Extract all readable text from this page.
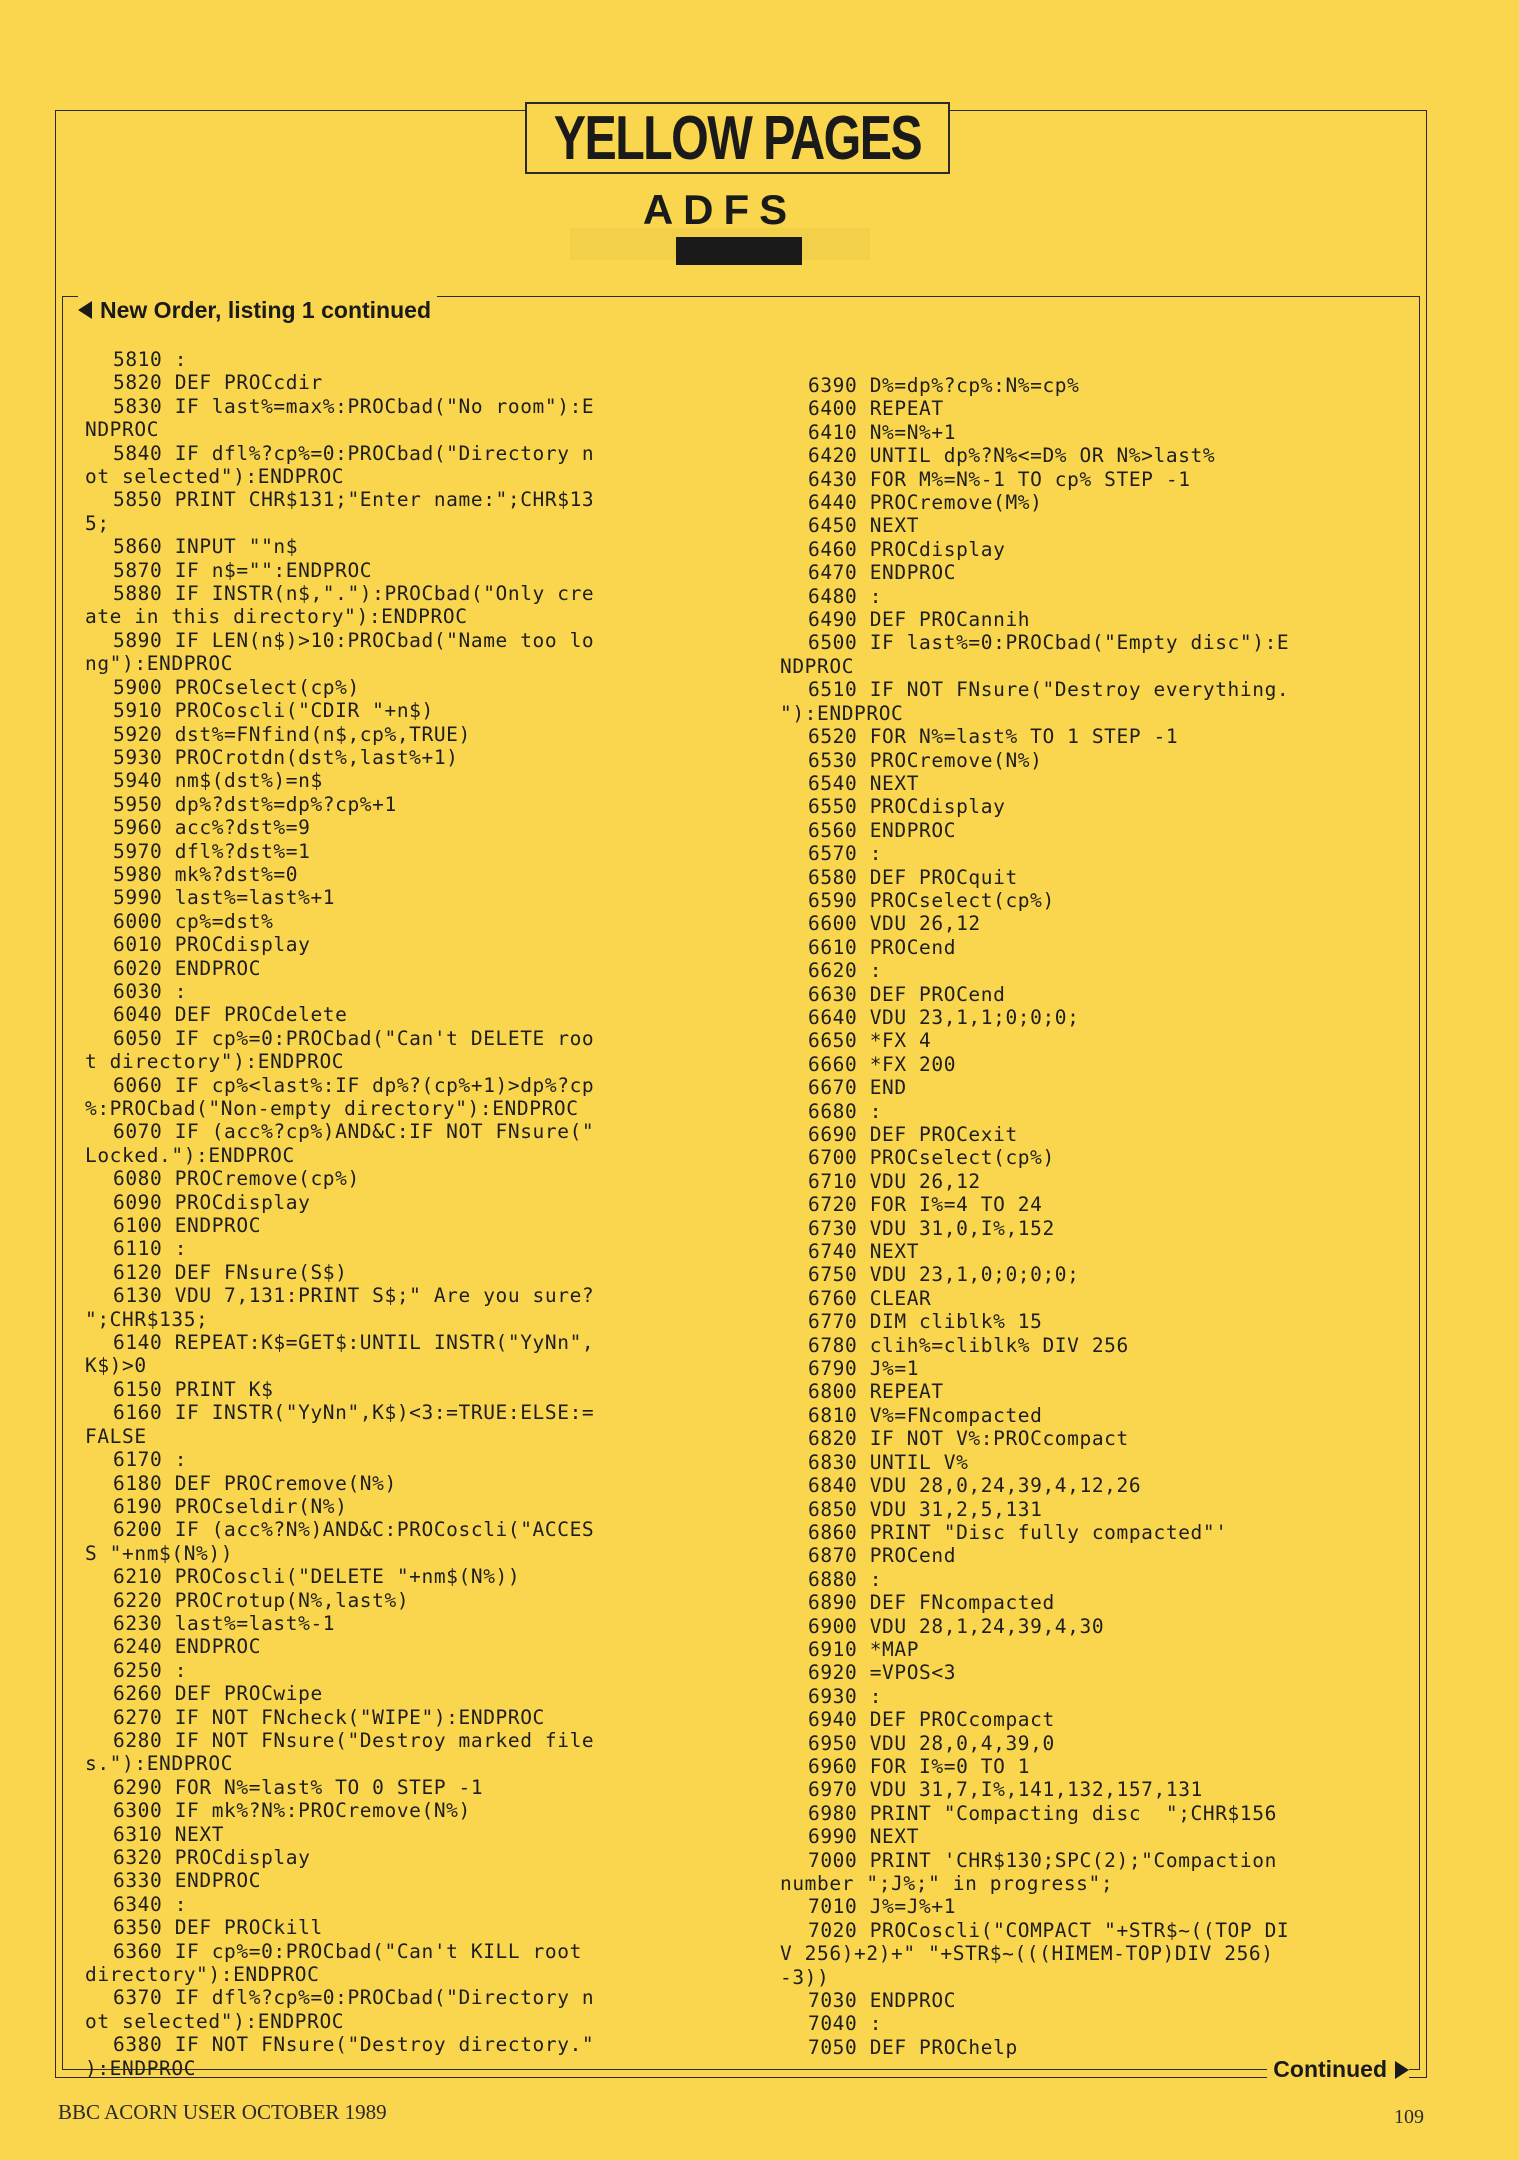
YELLOW PAGES
ADFS
New Order, listing 1 continued
5810 :
5820 DEF PROCcdir
5830 IF last%=max%:PROCbad("No room"):E
NDPROC
5840 IF dfl%?cp%=0:PROCbad("Directory n
ot selected"):ENDPROC
5850 PRINT CHR$131;"Enter name:";CHR$13
5;
5860 INPUT ""n$
5870 IF n$="":ENDPROC
5880 IF INSTR(n$,"."):PROCbad("Only cre
ate in this directory"):ENDPROC
5890 IF LEN(n$)>10:PROCbad("Name too lo
ng"):ENDPROC
5900 PROCselect(cp%)
5910 PROCoscli("CDIR "+n$)
5920 dst%=FNfind(n$,cp%,TRUE)
5930 PROCrotdn(dst%,last%+1)
5940 nm$(dst%)=n$
5950 dp%?dst%=dp%?cp%+1
5960 acc%?dst%=9
5970 dfl%?dst%=1
5980 mk%?dst%=0
5990 last%=last%+1
6000 cp%=dst%
6010 PROCdisplay
6020 ENDPROC
6030 :
6040 DEF PROCdelete
6050 IF cp%=0:PROCbad("Can't DELETE roo
t directory"):ENDPROC
6060 IF cp%<last%:IF dp%?(cp%+1)>dp%?cp
%:PROCbad("Non-empty directory"):ENDPROC
6070 IF (acc%?cp%)AND&C:IF NOT FNsure("
Locked."):ENDPROC
6080 PROCremove(cp%)
6090 PROCdisplay
6100 ENDPROC
6110 :
6120 DEF FNsure(S$)
6130 VDU 7,131:PRINT S$;" Are you sure?
";CHR$135;
6140 REPEAT:K$=GET$:UNTIL INSTR("YyNn",
K$)>0
6150 PRINT K$
6160 IF INSTR("YyNn",K$)<3:=TRUE:ELSE:=
FALSE
6170 :
6180 DEF PROCremove(N%)
6190 PROCseldir(N%)
6200 IF (acc%?N%)AND&C:PROCoscli("ACCES
S "+nm$(N%))
6210 PROCoscli("DELETE "+nm$(N%))
6220 PROCrotup(N%,last%)
6230 last%=last%-1
6240 ENDPROC
6250 :
6260 DEF PROCwipe
6270 IF NOT FNcheck("WIPE"):ENDPROC
6280 IF NOT FNsure("Destroy marked file
s."):ENDPROC
6290 FOR N%=last% TO 0 STEP -1
6300 IF mk%?N%:PROCremove(N%)
6310 NEXT
6320 PROCdisplay
6330 ENDPROC
6340 :
6350 DEF PROCkill
6360 IF cp%=0:PROCbad("Can't KILL root
directory"):ENDPROC
6370 IF dfl%?cp%=0:PROCbad("Directory n
ot selected"):ENDPROC
6380 IF NOT FNsure("Destroy directory."
):ENDPROC
6390 D%=dp%?cp%:N%=cp%
6400 REPEAT
6410 N%=N%+1
6420 UNTIL dp%?N%<=D% OR N%>last%
6430 FOR M%=N%-1 TO cp% STEP -1
6440 PROCremove(M%)
6450 NEXT
6460 PROCdisplay
6470 ENDPROC
6480 :
6490 DEF PROCannih
6500 IF last%=0:PROCbad("Empty disc"):E
NDPROC
6510 IF NOT FNsure("Destroy everything.
"):ENDPROC
6520 FOR N%=last% TO 1 STEP -1
6530 PROCremove(N%)
6540 NEXT
6550 PROCdisplay
6560 ENDPROC
6570 :
6580 DEF PROCquit
6590 PROCselect(cp%)
6600 VDU 26,12
6610 PROCend
6620 :
6630 DEF PROCend
6640 VDU 23,1,1;0;0;0;
6650 *FX 4
6660 *FX 200
6670 END
6680 :
6690 DEF PROCexit
6700 PROCselect(cp%)
6710 VDU 26,12
6720 FOR I%=4 TO 24
6730 VDU 31,0,I%,152
6740 NEXT
6750 VDU 23,1,0;0;0;0;
6760 CLEAR
6770 DIM cliblk% 15
6780 clih%=cliblk% DIV 256
6790 J%=1
6800 REPEAT
6810 V%=FNcompacted
6820 IF NOT V%:PROCcompact
6830 UNTIL V%
6840 VDU 28,0,24,39,4,12,26
6850 VDU 31,2,5,131
6860 PRINT "Disc fully compacted"'
6870 PROCend
6880 :
6890 DEF FNcompacted
6900 VDU 28,1,24,39,4,30
6910 *MAP
6920 =VPOS<3
6930 :
6940 DEF PROCcompact
6950 VDU 28,0,4,39,0
6960 FOR I%=0 TO 1
6970 VDU 31,7,I%,141,132,157,131
6980 PRINT "Compacting disc  ";CHR$156
6990 NEXT
7000 PRINT 'CHR$130;SPC(2);"Compaction
number ";J%;" in progress";
7010 J%=J%+1
7020 PROCoscli("COMPACT "+STR$~((TOP DI
V 256)+2)+" "+STR$~(((HIMEM-TOP)DIV 256)
-3))
7030 ENDPROC
7040 :
7050 DEF PROChelp
Continued
BBC ACORN USER OCTOBER 1989	109
